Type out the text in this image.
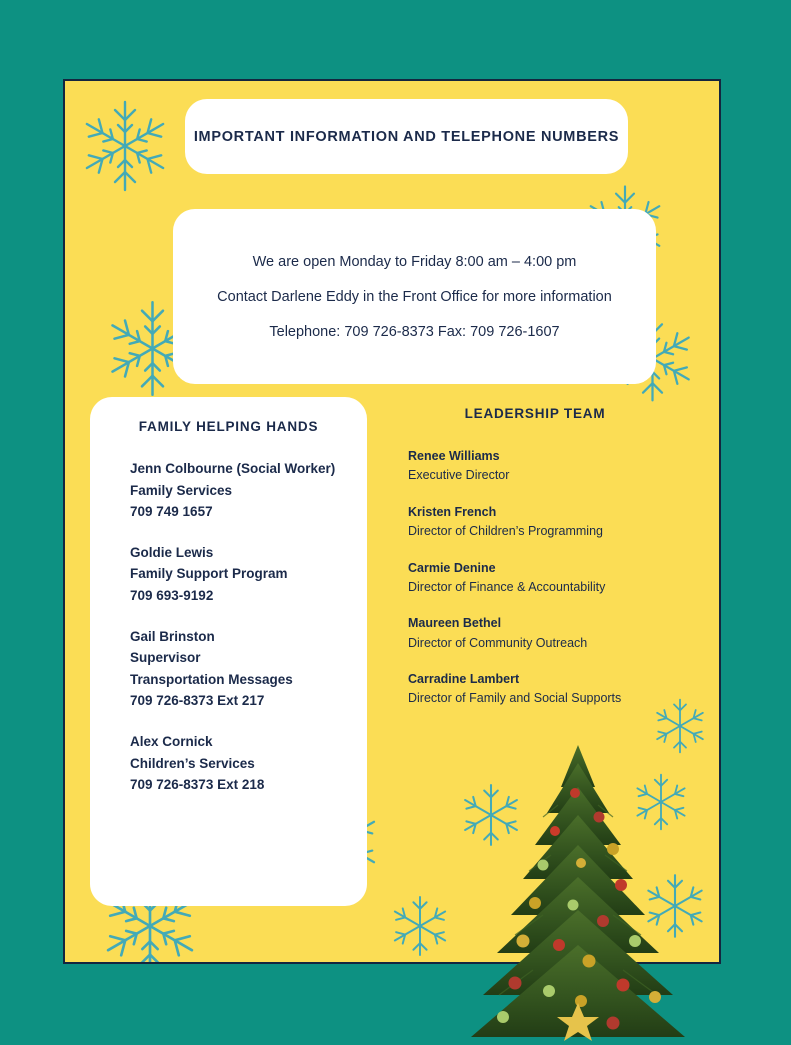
IMPORTANT INFORMATION AND TELEPHONE NUMBERS
We are open Monday to Friday 8:00 am – 4:00 pm
Contact Darlene Eddy in the Front Office for more information
Telephone: 709 726-8373 Fax: 709 726-1607
FAMILY HELPING HANDS
Jenn Colbourne (Social Worker)
Family Services
709 749 1657
Goldie Lewis
Family Support Program
709 693-9192
Gail Brinston
Supervisor
Transportation Messages
709 726-8373 Ext 217
Alex Cornick
Children’s Services
709 726-8373 Ext 218
LEADERSHIP TEAM
Renee Williams
Executive Director
Kristen French
Director of Children’s Programming
Carmie Denine
Director of Finance & Accountability
Maureen Bethel
Director of Community Outreach
Carradine Lambert
Director of Family and Social Supports
